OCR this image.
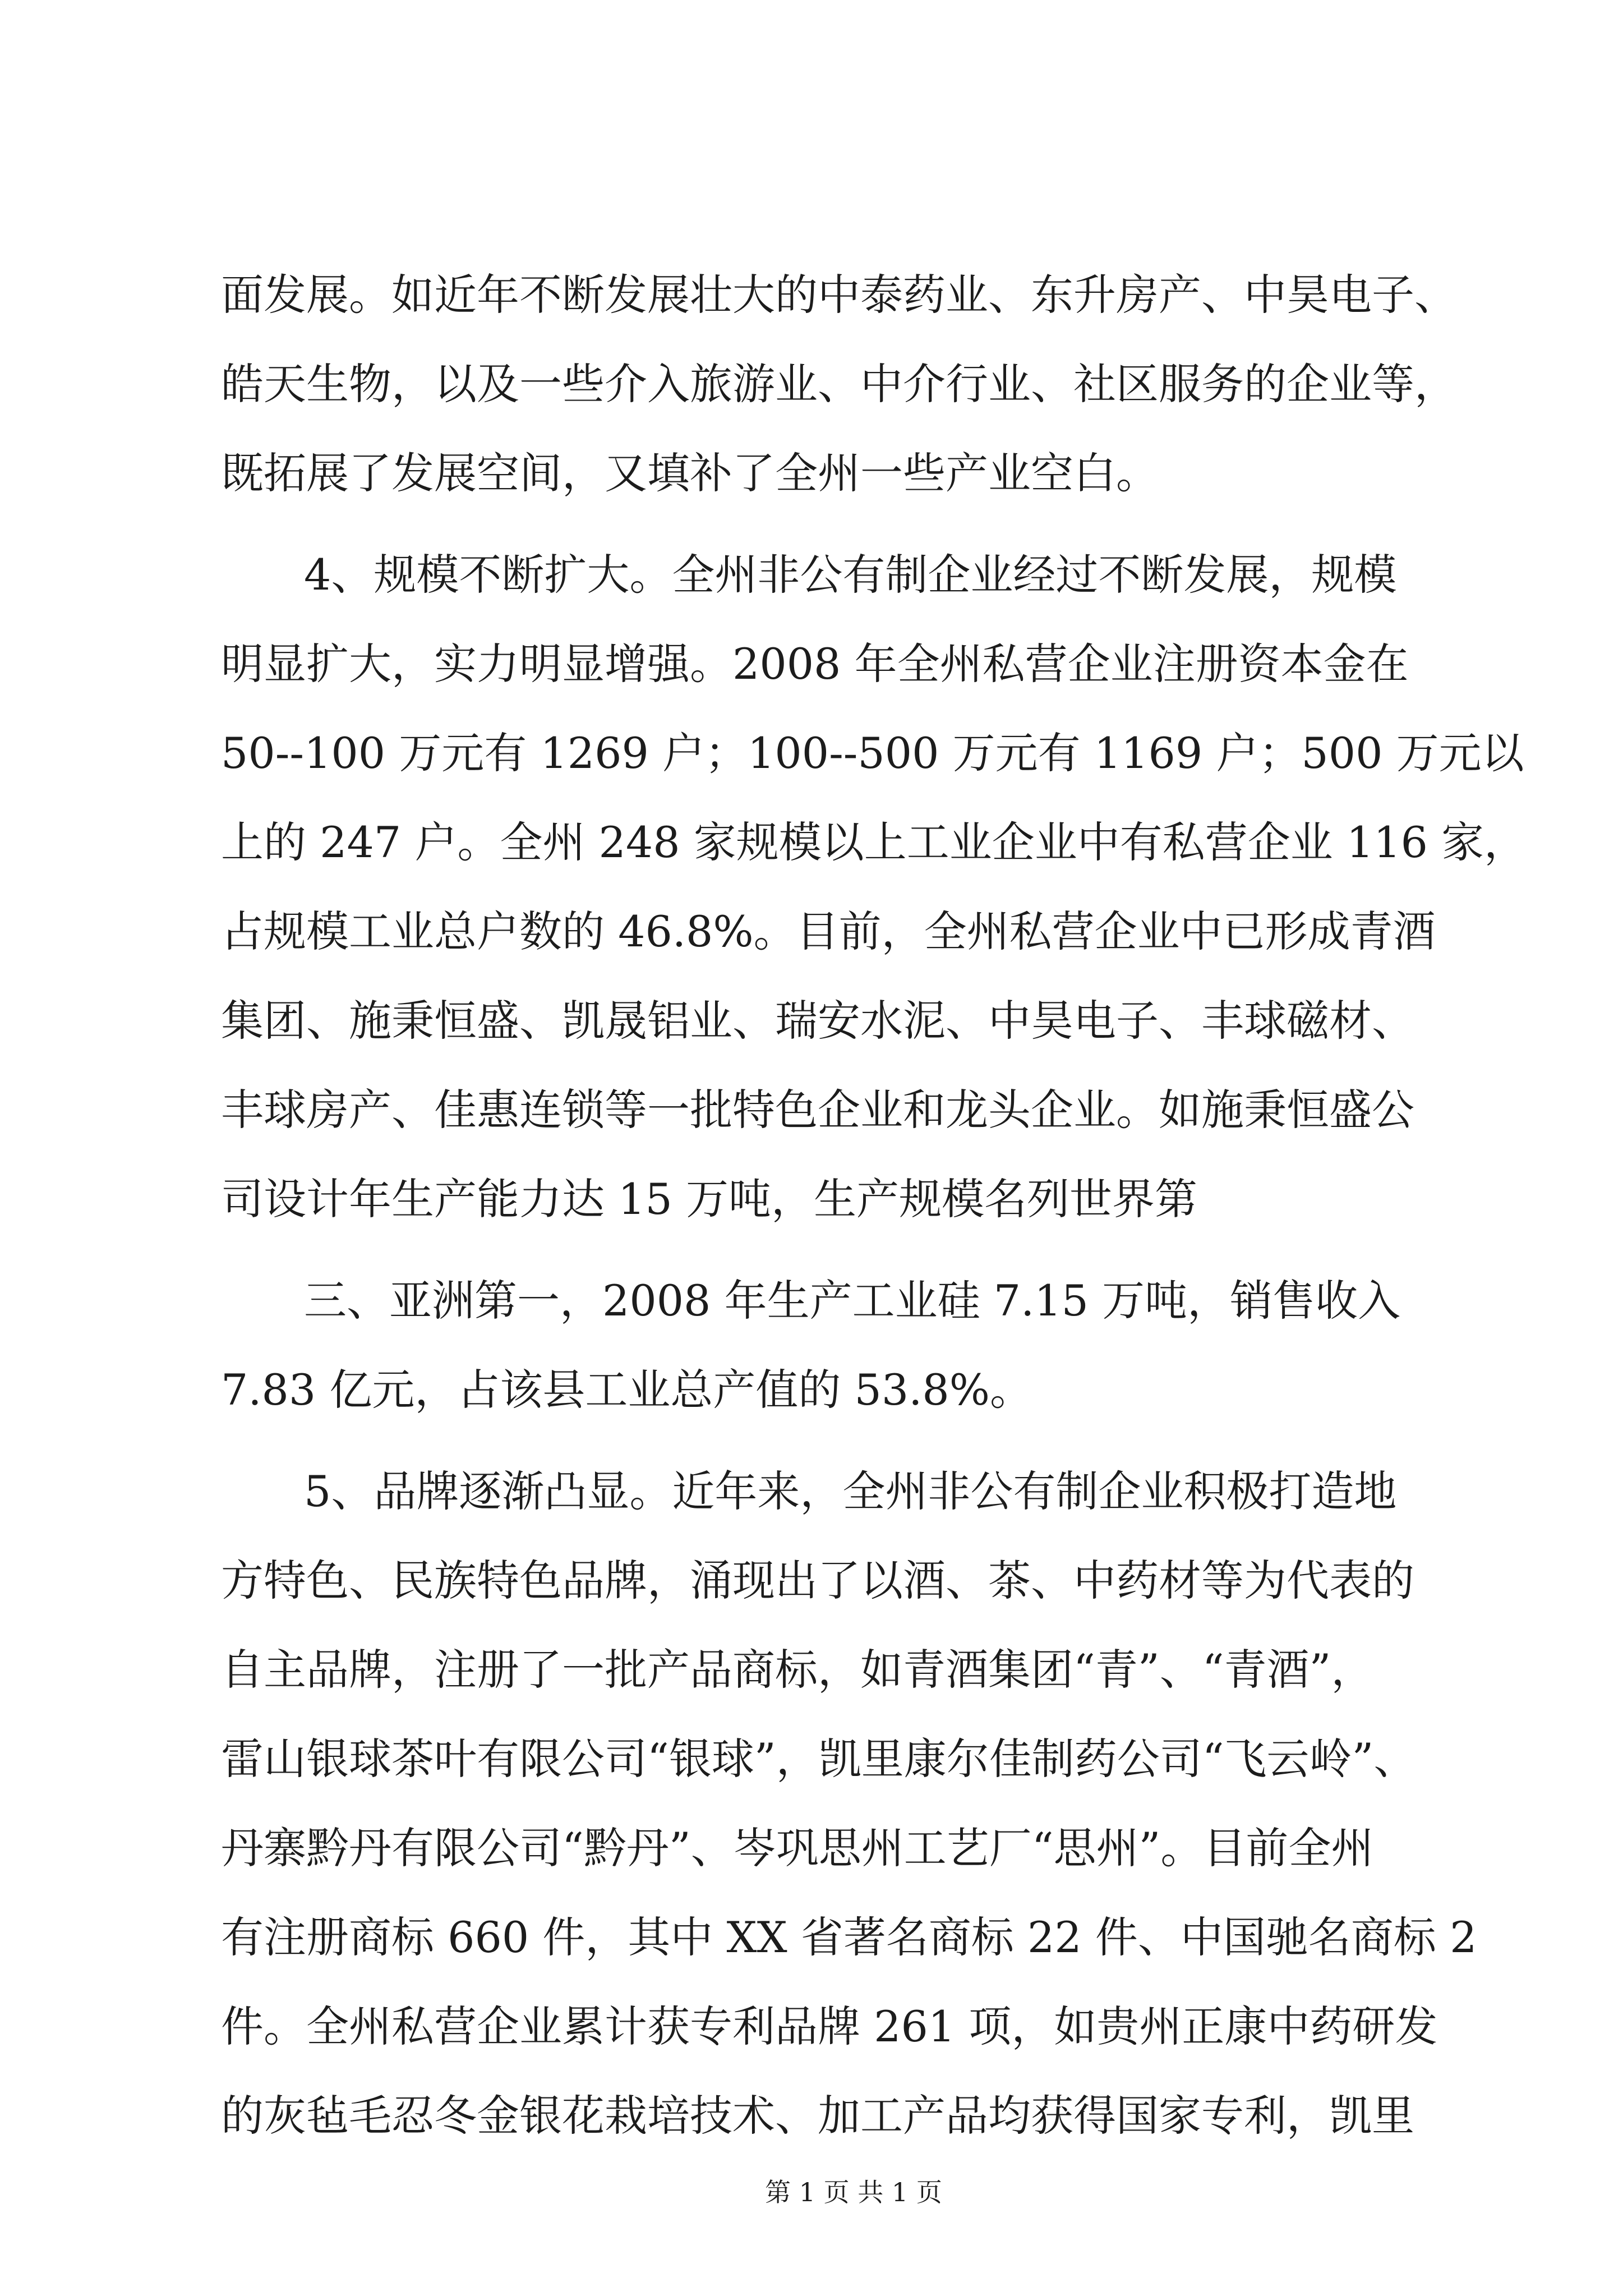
面发展。如近年不断发展壮大的中泰药业、东升房产、中昊电子、
皓天生物，以及一些介入旅游业、中介行业、社区服务的企业等，
既拓展了发展空间，又填补了全州一些产业空白。
4、规模不断扩大。全州非公有制企业经过不断发展，规模
明显扩大，实力明显增强。2008 年全州私营企业注册资本金在
50--100 万元有 1269 户；100--500 万元有 1169 户；500 万元以
上的 247 户。全州 248 家规模以上工业企业中有私营企业 116 家，
占规模工业总户数的 46.8%。目前，全州私营企业中已形成青酒
集团、施秉恒盛、凯晟铝业、瑞安水泥、中昊电子、丰球磁材、
丰球房产、佳惠连锁等一批特色企业和龙头企业。如施秉恒盛公
司设计年生产能力达 15 万吨，生产规模名列世界第
三、亚洲第一，2008 年生产工业硅 7.15 万吨，销售收入
7.83 亿元，占该县工业总产值的 53.8%。
5、品牌逐渐凸显。近年来，全州非公有制企业积极打造地
方特色、民族特色品牌，涌现出了以酒、茶、中药材等为代表的
自主品牌，注册了一批产品商标，如青酒集团“青”、“青酒”，
雷山银球茶叶有限公司“银球”，凯里康尔佳制药公司“飞云岭”、
丹寨黔丹有限公司“黔丹”、岑巩思州工艺厂“思州”。目前全州
有注册商标 660 件，其中 XX 省著名商标 22 件、中国驰名商标 2
件。全州私营企业累计获专利品牌 261 项，如贵州正康中药研发
的灰毡毛忍冬金银花栽培技术、加工产品均获得国家专利，凯里
第 1 页 共 1 页
